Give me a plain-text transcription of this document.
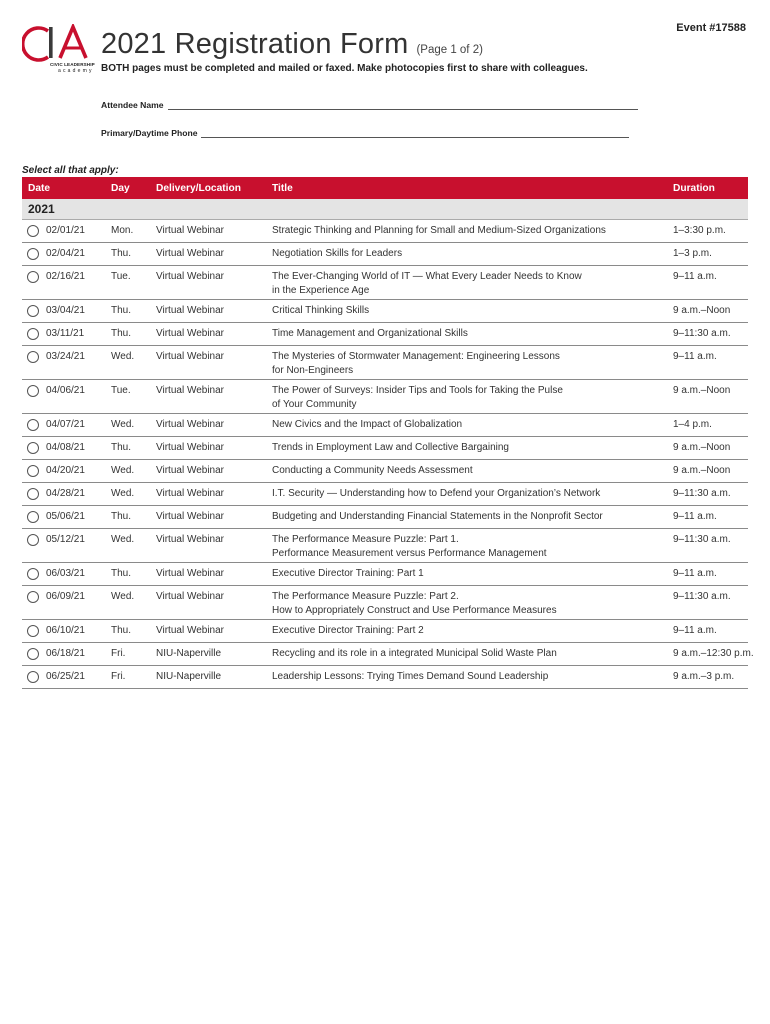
CIVIC LEADERSHIP
academy
Event #17588
2021 Registration Form (Page 1 of 2)
BOTH pages must be completed and mailed or faxed. Make photocopies first to share with colleagues.
Attendee Name
Primary/Daytime Phone
Select all that apply:
Date	Day	Delivery/Location	Title	Duration
2021
02/01/21	Mon. Virtual Webinar	Strategic Thinking and Planning for Small and Medium-Sized Organizations	1–3:30 p.m.
02/04/21	Thu. Virtual Webinar	Negotiation Skills for Leaders	1–3 p.m.
02/16/21	Tue.	Virtual Webinar	The Ever-Changing World of IT — What Every Leader Needs to Know	9–11 a.m.
in the Experience Age
03/04/21	Thu. Virtual Webinar	Critical Thinking Skills	9 a.m.–Noon
03/11/21	Thu. Virtual Webinar	Time Management and Organizational Skills	9–11:30 a.m.
03/24/21	Wed. Virtual Webinar	The Mysteries of Stormwater Management: Engineering Lessons	9–11 a.m.
for Non-Engineers
04/06/21	Tue.	Virtual Webinar	The Power of Surveys: Insider Tips and Tools for Taking the Pulse	9 a.m.–Noon
of Your Community
04/07/21	Wed. Virtual Webinar	New Civics and the Impact of Globalization	1–4 p.m.
04/08/21	Thu. Virtual Webinar	Trends in Employment Law and Collective Bargaining	9 a.m.–Noon
04/20/21	Wed. Virtual Webinar	Conducting a Community Needs Assessment	9 a.m.–Noon
04/28/21	Wed. Virtual Webinar	I.T. Security — Understanding how to Defend your Organization’s Network	9–11:30 a.m.
05/06/21	Thu. Virtual Webinar	Budgeting and Understanding Financial Statements in the Nonprofit Sector	9–11 a.m.
05/12/21	Wed. Virtual Webinar	The Performance Measure Puzzle: Part 1.	9–11:30 a.m.
Performance Measurement versus Performance Management
06/03/21	Thu. Virtual Webinar	Executive Director Training: Part 1	9–11 a.m.
06/09/21	Wed. Virtual Webinar	The Performance Measure Puzzle: Part 2.	9–11:30 a.m.
How to Appropriately Construct and Use Performance Measures
06/10/21	Thu. Virtual Webinar	Executive Director Training: Part 2	9–11 a.m.
06/18/21	Fri.	NIU-Naperville	Recycling and its role in a integrated Municipal Solid Waste Plan	9 a.m.–12:30 p.m.
06/25/21	Fri.	NIU-Naperville	Leadership Lessons: Trying Times Demand Sound Leadership	9 a.m.–3 p.m.
